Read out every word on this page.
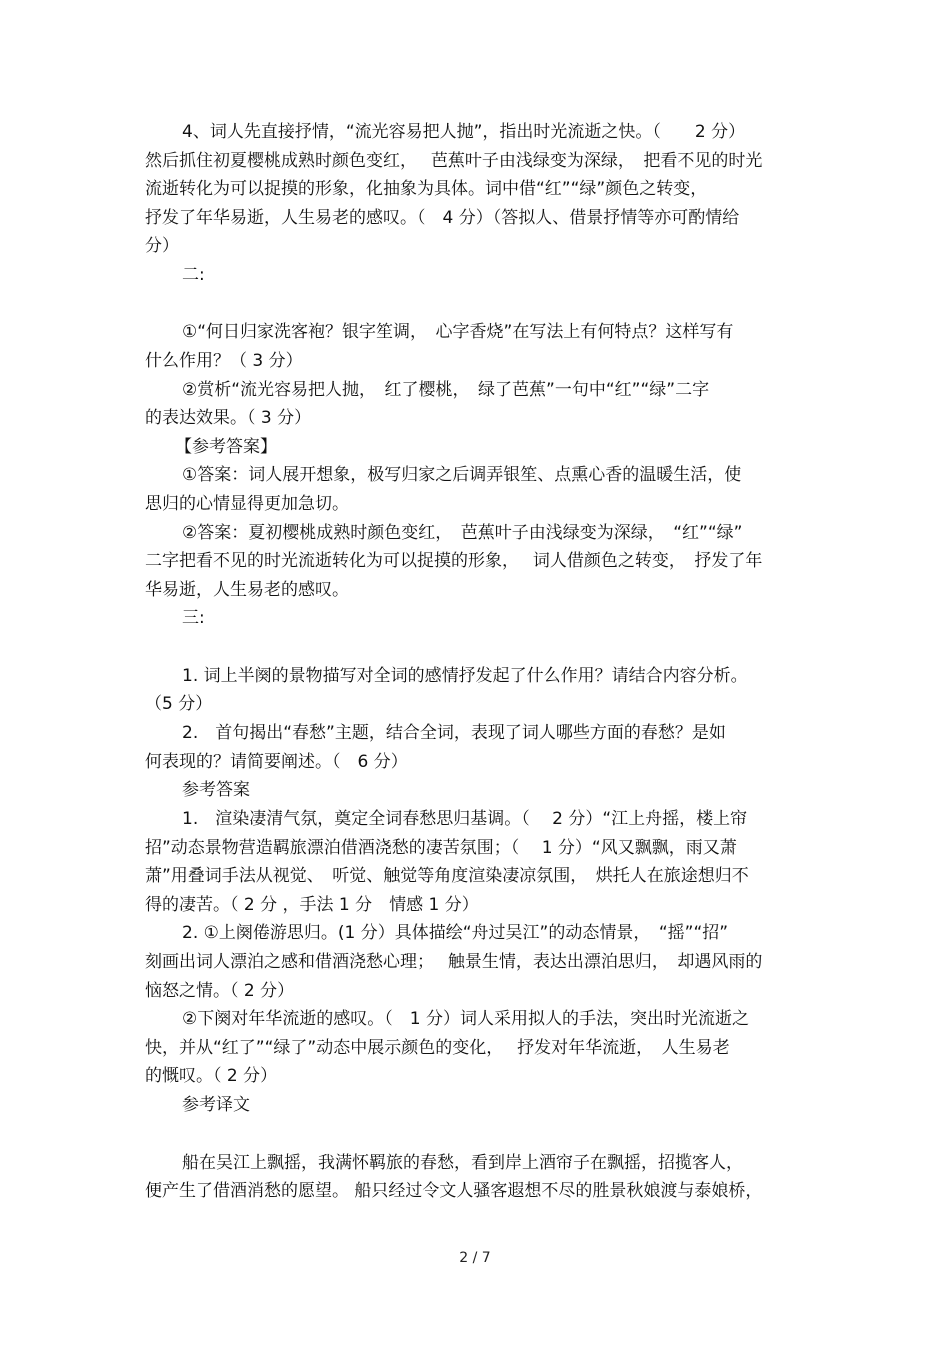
4、词人先直接抒情，“流光容易把人抛”，指出时光流逝之快。（　　2 分）
然后抓住初夏樱桃成熟时颜色变红，　 芭蕉叶子由浅绿变为深绿，　把看不见的时光
流逝转化为可以捉摸的形象，化抽象为具体。词中借“红”“绿”颜色之转变，
抒发了年华易逝，人生易老的感叹。（　4 分）（答拟人、借景抒情等亦可酌情给
分）
二:
①“何日归家洗客袍？银字笙调，　心字香烧”在写法上有何特点？这样写有
什么作用？（ 3 分）
②赏析“流光容易把人抛，　红了樱桃，　绿了芭蕉”一句中“红”“绿”二字
的表达效果。（ 3 分）
【参考答案】
①答案：词人展开想象，极写归家之后调弄银笙、点熏心香的温暖生活，使
思归的心情显得更加急切。
②答案：夏初樱桃成熟时颜色变红，　芭蕉叶子由浅绿变为深绿，　“红”“绿”
二字把看不见的时光流逝转化为可以捉摸的形象，　 词人借颜色之转变，　抒发了年
华易逝，人生易老的感叹。
三:
1. 词上半阕的景物描写对全词的感情抒发起了什么作用？请结合内容分析。
（5 分）
2.　首句揭出“春愁”主题，结合全词，表现了词人哪些方面的春愁？是如
何表现的？请简要阐述。（　6 分）
参考答案
1.　渲染凄清气氛，奠定全词春愁思归基调。（　 2 分）“江上舟摇，楼上帘
招”动态景物营造羁旅漂泊借酒浇愁的凄苦氛围；（　 1 分）“风又飘飘，雨又萧
萧”用叠词手法从视觉、　听觉、触觉等角度渲染凄凉氛围，　烘托人在旅途想归不
得的凄苦。（ 2 分 ，手法 1 分　情感 1 分）
2. ①上阕倦游思归。(1 分）具体描绘“舟过吴江”的动态情景，　“摇”“招”
刻画出词人漂泊之感和借酒浇愁心理；　 触景生情，表达出漂泊思归，　却遇风雨的
恼怒之情。（ 2 分）
②下阕对年华流逝的感叹。（　1 分）词人采用拟人的手法，突出时光流逝之
快，并从“红了”“绿了”动态中展示颜色的变化，　 抒发对年华流逝，　人生易老
的慨叹。（ 2 分）
参考译文
船在吴江上飘摇，我满怀羁旅的春愁，看到岸上酒帘子在飘摇，招揽客人，
便产生了借酒消愁的愿望。 船只经过令文人骚客遐想不尽的胜景秋娘渡与泰娘桥，
2 / 7
